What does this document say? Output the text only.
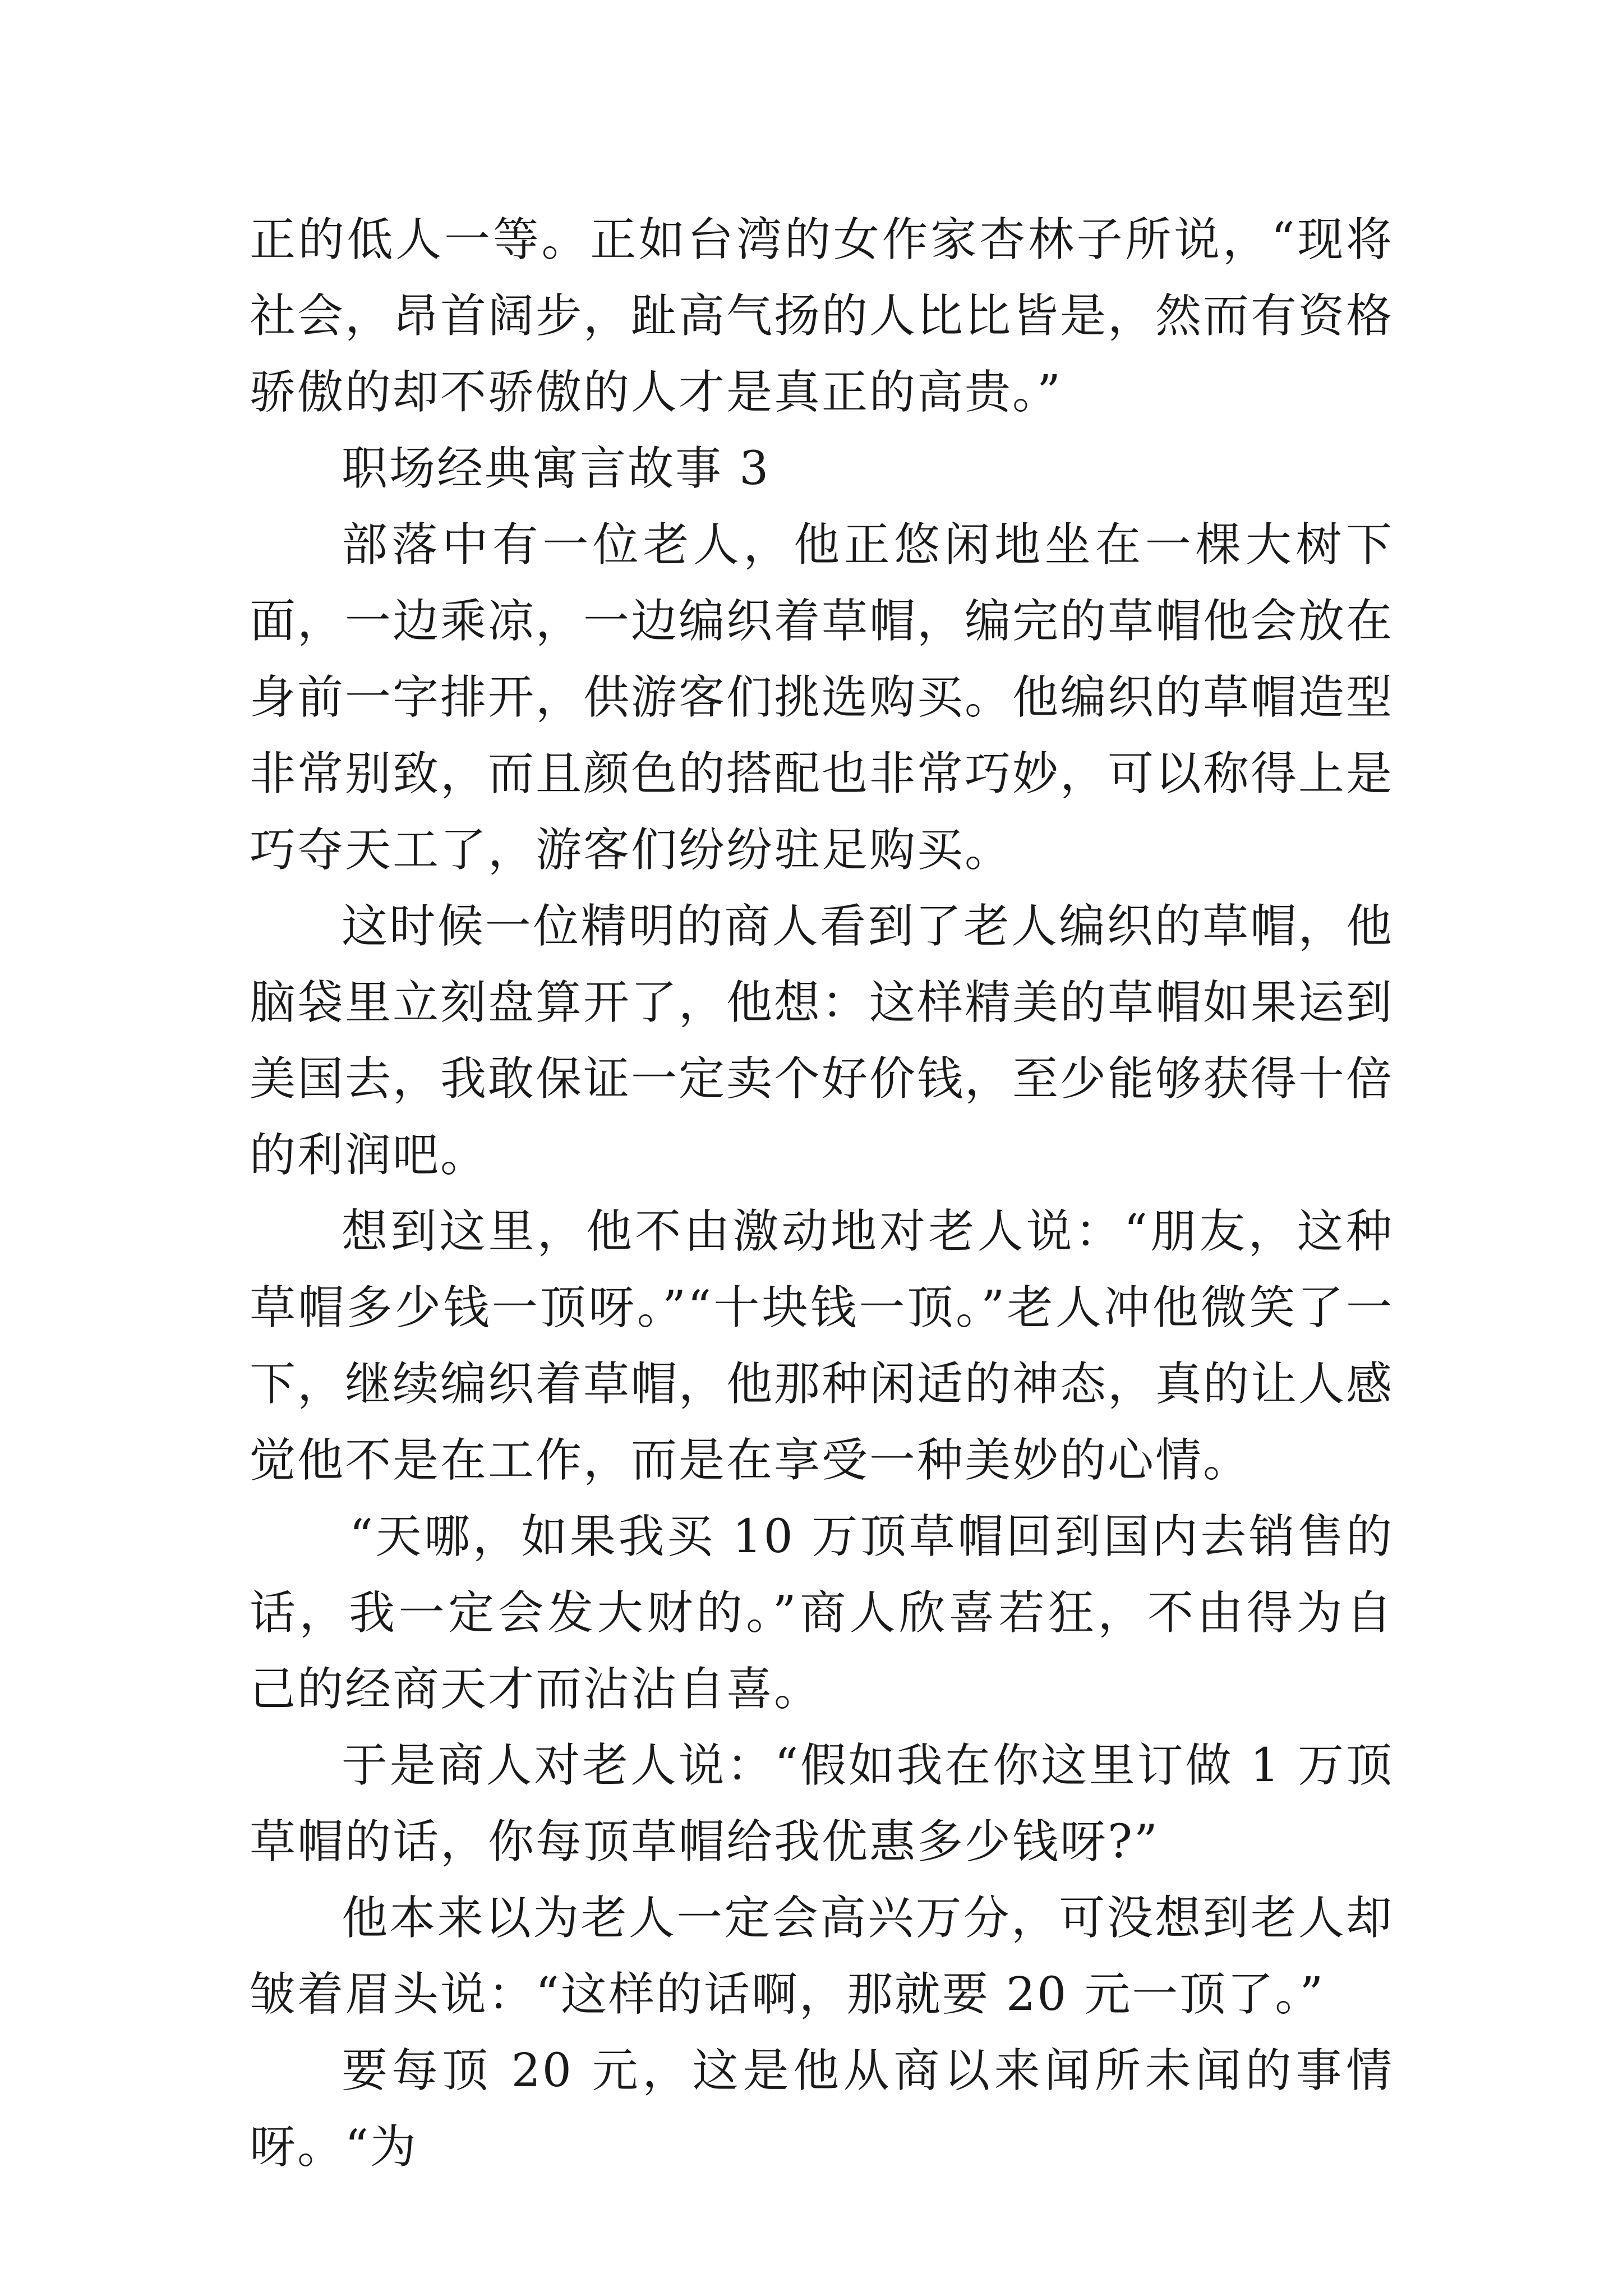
正的低人一等。正如台湾的女作家杏林子所说，“现将社会，昂首阔步，趾高气扬的人比比皆是，然而有资格骄傲的却不骄傲的人才是真正的高贵。”

职场经典寓言故事 3

部落中有一位老人，他正悠闲地坐在一棵大树下面，一边乘凉，一边编织着草帽，编完的草帽他会放在身前一字排开，供游客们挑选购买。他编织的草帽造型非常别致，而且颜色的搭配也非常巧妙，可以称得上是巧夺天工了，游客们纷纷驻足购买。

这时候一位精明的商人看到了老人编织的草帽，他脑袋里立刻盘算开了，他想：这样精美的草帽如果运到美国去，我敢保证一定卖个好价钱，至少能够获得十倍的利润吧。

想到这里，他不由激动地对老人说：“朋友，这种草帽多少钱一顶呀。”“十块钱一顶。”老人冲他微笑了一下，继续编织着草帽，他那种闲适的神态，真的让人感觉他不是在工作，而是在享受一种美妙的心情。

“天哪，如果我买 10 万顶草帽回到国内去销售的话，我一定会发大财的。”商人欣喜若狂，不由得为自己的经商天才而沾沾自喜。

于是商人对老人说：“假如我在你这里订做 1 万顶草帽的话，你每顶草帽给我优惠多少钱呀?”

他本来以为老人一定会高兴万分，可没想到老人却皱着眉头说：“这样的话啊，那就要 20 元一顶了。”

要每顶 20 元，这是他从商以来闻所未闻的事情呀。“为
